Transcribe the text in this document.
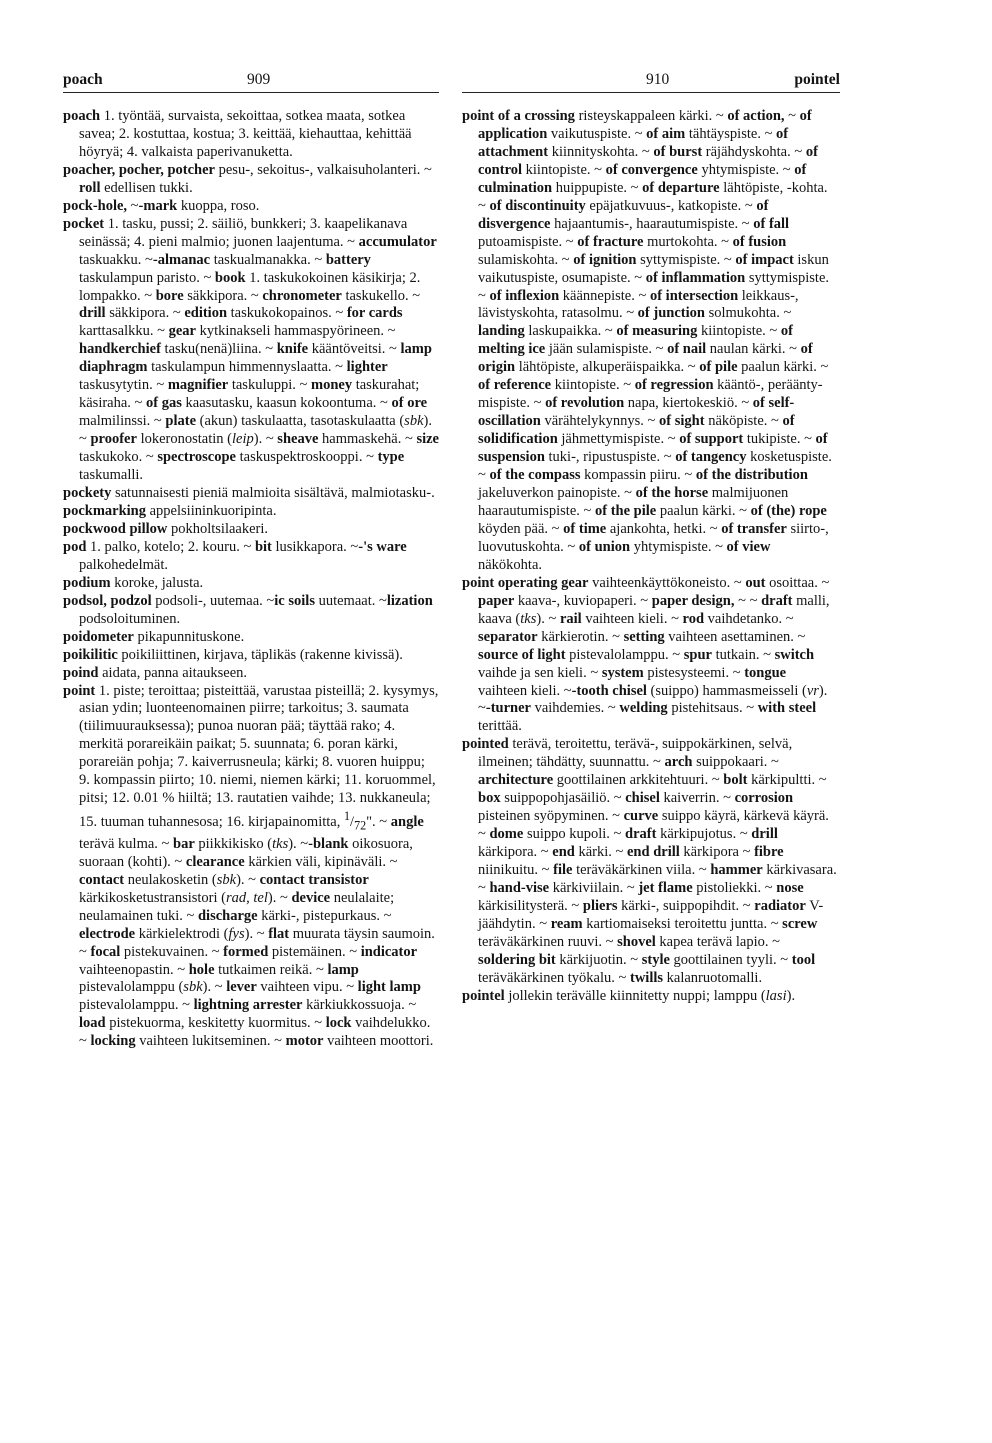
poach	909	910	pointel

poach 1. työntää, survaista, sekoittaa, sotkea maata, sotkea savea; 2. kostuttaa, kostua; 3. keittää, kiehauttaa, kehittää höyryä; 4. valkaista paperivanuketta.

poacher, pocher, potcher pesu-, sekoitus-, valkaisuholanteri. ~ roll edellisen tukki.

pock-hole, ~-mark kuoppa, roso.

pocket 1. tasku, pussi; 2. säiliö, bunkkeri; 3. kaapelikanava seinässä; 4. pieni malmio; juonen laajentuma. ~ accumulator taskuakku. ~-almanac taskualmanakka. ~ battery taskulampun paristo. ~ book 1. taskukokoinen käsikirja; 2. lompakko. ~ bore säkkipora. ~ chronometer taskukello. ~ drill säkkipora. ~ edition taskukokopainos. ~ for cards karttasalkku. ~ gear kytkinakseli hammaspyörineen. ~ handkerchief tasku(nenä)liina. ~ knife kääntöveitsi. ~ lamp diaphragm taskulampun himmennyslaatta. ~ lighter taskusytytin. ~ magnifier taskuluppi. ~ money taskurahat; käsiraha. ~ of gas kaasutasku, kaasun kokoontuma. ~ of ore malmilinssi. ~ plate (akun) taskulaatta, tasotaskulaatta (sbk). ~ proofer lokeronostatin (leip). ~ sheave hammaskehä. ~ size taskukoko. ~ spectroscope taskuspektroskooppi. ~ type taskumalli.

pockety satunnaisesti pieniä malmioita sisältävä, malmiotasku-.

pockmarking appelsiininkuoripinta.

pockwood pillow pokholtsilaakeri.

pod 1. palko, kotelo; 2. kouru. ~ bit lusikkapora. ~-'s ware palkohedelmät.

podium koroke, jalusta.

podsol, podzol podsoli-, uutemaa. ~ic soils uutemaat. ~lization podsoloituminen.

poidometer pikapunnituskone.

poikilitic poikiliittinen, kirjava, täplikäs (rakenne kivissä).

poind aidata, panna aitaukseen.

point 1. piste; teroittaa; pisteittää, varustaa pisteillä; 2. kysymys, asian ydin; luonteenomainen piirre; tarkoitus; 3. saumata (tiilimuurauksessa); punoa nuoran pää; täyttää rako; 4. merkitä porareikäin paikat; 5. suunnata; 6. poran kärki, porareiän pohja; 7. kaiverrusneula; kärki; 8. vuoren huippu; 9. kompassin piirto; 10. niemi, niemen kärki; 11. koruommel, pitsi; 12. 0.01 % hiiltä; 13. rautatien vaihde; 13. nukkaneula; 15. tuuman tuhannesosa; 16. kirjapainomitta, $^1/_{72}$". ~ angle terävä kulma. ~ bar piikkikisko (tks). ~-blank oikosuora, suoraan (kohti). ~ clearance kärkien väli, kipinäväli. ~ contact neulakosketin (sbk). ~ contact transistor kärkikosketustransistori (rad, tel). ~ device neulalaite; neulamainen tuki. ~ discharge kärki-, pistepurkaus. ~ electrode kärkielektrodi (fys). ~ flat muurata täysin saumoin. ~ focal pistekuvainen. ~ formed pistemäinen. ~ indicator vaihteenopastin. ~ hole tutkaimen reikä. ~ lamp pistevalolamppu (sbk). ~ lever vaihteen vipu. ~ light lamp pistevalolamppu. ~ lightning arrester kärkiukkossuoja. ~ load pistekuorma, keskitetty kuormitus. ~ lock vaihdelukko. ~ locking vaihteen lukitseminen. ~ motor vaihteen moottori.

point of a crossing risteyskappaleen kärki. ~ of action, ~ of application vaikutuspiste. ~ of aim tähtäyspiste. ~ of attachment kiinnityskohta. ~ of burst räjähdyskohta. ~ of control kiintopiste. ~ of convergence yhtymispiste. ~ of culmination huippupiste. ~ of departure lähtöpiste, -kohta. ~ of discontinuity epäjatkuvuus-, katkopiste. ~ of disvergence hajaantumis-, haarautumispiste. ~ of fall putoamispiste. ~ of fracture murtokohta. ~ of fusion sulamiskohta. ~ of ignition syttymispiste. ~ of impact iskun vaikutuspiste, osumapiste. ~ of inflammation syttymispiste. ~ of inflexion käännepiste. ~ of intersection leikkaus-, lävistyskohta, ratasolmu. ~ of junction solmukohta. ~ landing laskupaikka. ~ of measuring kiintopiste. ~ of melting ice jään sulamispiste. ~ of nail naulan kärki. ~ of origin lähtöpiste, alkuperäispaikka. ~ of pile paalun kärki. ~ of reference kiintopiste. ~ of regression kääntö-, perääntymispiste. ~ of revolution napa, kiertokeskiö. ~ of self-oscillation värähtelykynnys. ~ of sight näköpiste. ~ of solidification jähmettymispiste. ~ of support tukipiste. ~ of suspension tuki-, ripustuspiste. ~ of tangency kosketuspiste. ~ of the compass kompassin piiru. ~ of the distribution jakeluverkon painopiste. ~ of the horse malmijuonen haarautumispiste. ~ of the pile paalun kärki. ~ of (the) rope köyden pää. ~ of time ajankohta, hetki. ~ of transfer siirto-, luovutuskohta. ~ of union yhtymispiste. ~ of view näkökohta.

point operating gear vaihteenkäyttökoneisto. ~ out osoittaa. ~ paper kaava-, kuviopaperi. ~ paper design, ~ ~ draft malli, kaava (tks). ~ rail vaihteen kieli. ~ rod vaihdetanko. ~ separator kärkierotin. ~ setting vaihteen asettaminen. ~ source of light pistevalolamppu. ~ spur tutkain. ~ switch vaihde ja sen kieli. ~ system pistesysteemi. ~ tongue vaihteen kieli. ~-tooth chisel (suippo) hammasmeisseli (vr). ~-turner vaihdemies. ~ welding pistehitsaus. ~ with steel terittää.

pointed terävä, teroitettu, terävä-, suippokärkinen, selvä, ilmeinen; tähdätty, suunnattu. ~ arch suippokaari. ~ architecture goottilainen arkkitehtuuri. ~ bolt kärkipultti. ~ box suippopohjasäiliö. ~ chisel kaiverrin. ~ corrosion pisteinen syöpyminen. ~ curve suippo käyrä, kärkevä käyrä. ~ dome suippo kupoli. ~ draft kärkipujotus. ~ drill kärkipora. ~ end kärki. ~ end drill kärkipora ~ fibre niinikuitu. ~ file teräväkärkinen viila. ~ hammer kärkivasara. ~ hand-vise kärkiviilain. ~ jet flame pistoliekki. ~ nose kärkisilitysterä. ~ pliers kärki-, suippopihdit. ~ radiator V-jäähdytin. ~ ream kartiomaiseksi teroitettu juntta. ~ screw teräväkärkinen ruuvi. ~ shovel kapea terävä lapio. ~ soldering bit kärkijuotin. ~ style goottilainen tyyli. ~ tool teräväkärkinen työkalu. ~ twills kalanruotomalli.

pointel jollekin terävälle kiinnitetty nuppi; lamppu (lasi).
